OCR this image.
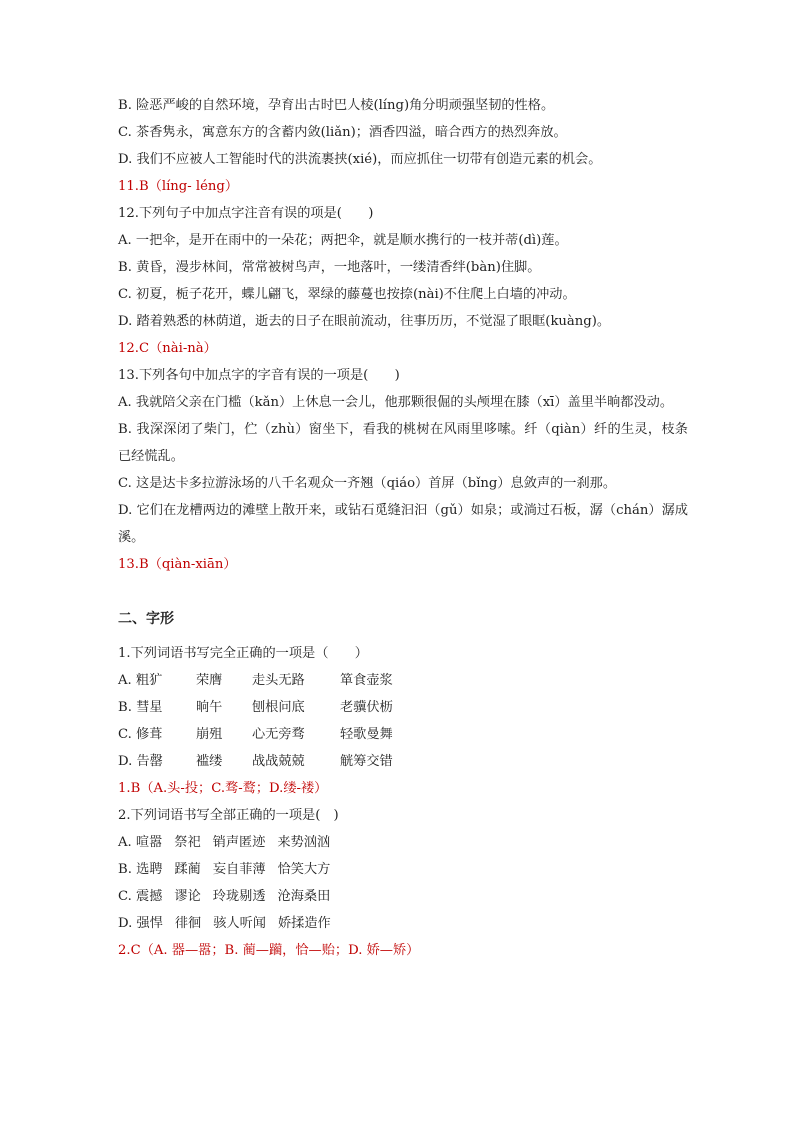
B. 险恶严峻的自然环境，孕育出古时巴人棱(líng)角分明顽强坚韧的性格。
C. 茶香隽永，寓意东方的含蓄内敛(liǎn)；酒香四溢，暗合西方的热烈奔放。
D. 我们不应被人工智能时代的洪流裹挟(xié)，而应抓住一切带有创造元素的机会。
11.B（líng- léng）
12.下列句子中加点字注音有误的项是(　　)
A. 一把伞，是开在雨中的一朵花；两把伞，就是顺水携行的一枝并蒂(dì)莲。
B. 黄昏，漫步林间，常常被树鸟声，一地落叶，一缕清香绊(bàn)住脚。
C. 初夏，栀子花开，蝶儿翩飞，翠绿的藤蔓也按捺(nài)不住爬上白墙的冲动。
D. 踏着熟悉的林荫道，逝去的日子在眼前流动，往事历历，不觉湿了眼眶(kuàng)。
12.C（nài-nà）
13.下列各句中加点字的字音有误的一项是(　　)
A. 我就陪父亲在门槛（kǎn）上休息一会儿，他那颗很倔的头颅埋在膝（xī）盖里半晌都没动。
B. 我深深闭了柴门，伫（zhù）窗坐下，看我的桃树在风雨里哆嗦。纤（qiàn）纤的生灵，枝条已经慌乱。
C. 这是达卡多拉游泳场的八千名观众一齐翘（qiáo）首屏（bǐng）息敛声的一刹那。
D. 它们在龙槽两边的滩壁上散开来，或钻石觅缝汩汩（gǔ）如泉；或淌过石板，潺（chán）潺成溪。
13.B（qiàn-xiān）
二、字形
1.下列词语书写完全正确的一项是（　　）
A. 粗犷	荣膺	走头无路	箪食壶浆
B. 彗星	晌午	刨根问底	老骥伏枥
C. 修葺	崩殂	心无旁骛	轻歌曼舞
D. 告罄	褴缕	战战兢兢	觥筹交错
1.B（A.头-投；C.骛-鹜；D.缕-褛）
2.下列词语书写全部正确的一项是(　)
A. 喧嚣 祭祀 销声匿迹 来势汹汹
B. 选聘 蹂蔺 妄自菲薄 恰笑大方
C. 震撼 谬论 玲珑剔透 沧海桑田
D. 强悍 徘徊 骇人听闻 娇揉造作
2.C（A. 器—嚣；B. 蔺—躏，恰—贻；D. 娇—矫）
